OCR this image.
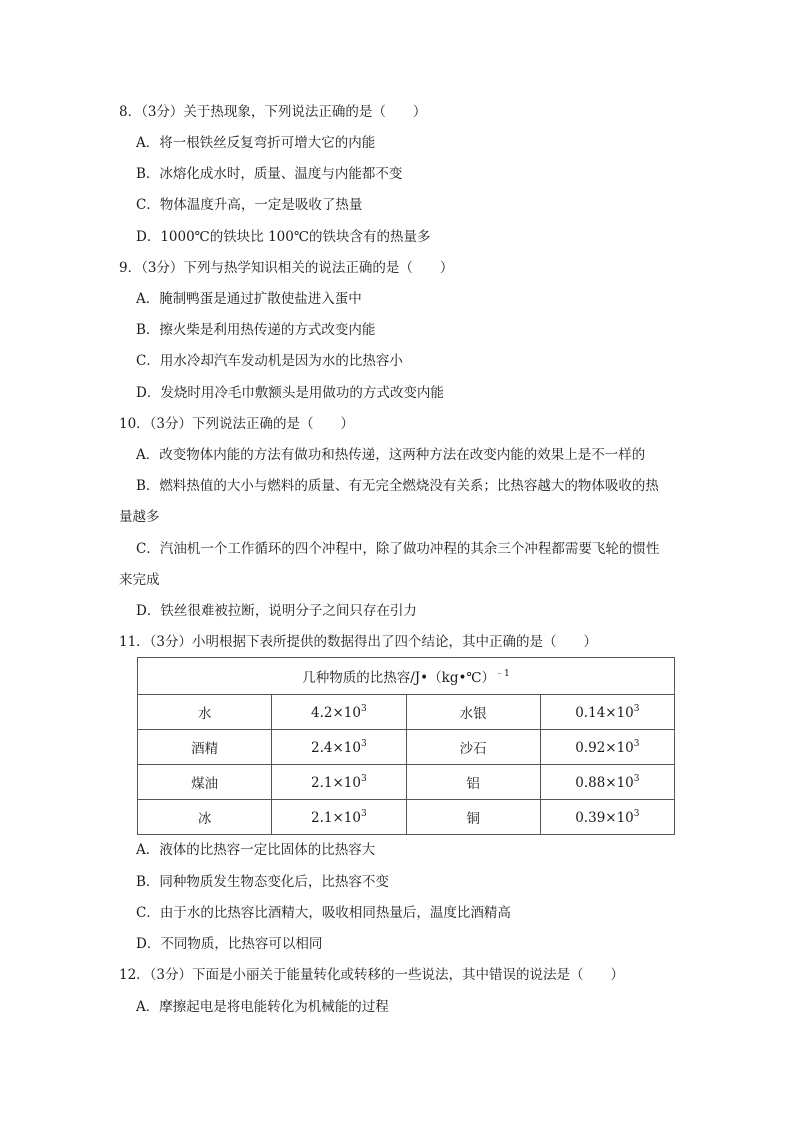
8．（3分）关于热现象，下列说法正确的是（　　）
A．将一根铁丝反复弯折可增大它的内能
B．冰熔化成水时，质量、温度与内能都不变
C．物体温度升高，一定是吸收了热量
D．1000℃的铁块比 100℃的铁块含有的热量多
9．（3分）下列与热学知识相关的说法正确的是（　　）
A．腌制鸭蛋是通过扩散使盐进入蛋中
B．擦火柴是利用热传递的方式改变内能
C．用水冷却汽车发动机是因为水的比热容小
D．发烧时用冷毛巾敷额头是用做功的方式改变内能
10．（3分）下列说法正确的是（　　）
A．改变物体内能的方法有做功和热传递，这两种方法在改变内能的效果上是不一样的
B．燃料热值的大小与燃料的质量、有无完全燃烧没有关系；比热容越大的物体吸收的热
量越多
C．汽油机一个工作循环的四个冲程中，除了做功冲程的其余三个冲程都需要飞轮的惯性
来完成
D．铁丝很难被拉断，说明分子之间只存在引力
11．（3分）小明根据下表所提供的数据得出了四个结论，其中正确的是（　　）
几种物质的比热容/J•（kg•℃）$^{﹣1}$
水	$4.2\times 10^3$	水银	$0.14\times 10^3$
酒精	$2.4\times 10^3$	沙石	$0.92\times 10^3$
煤油	$2.1\times 10^3$	铝	$0.88\times 10^3$
冰	$2.1\times 10^3$	铜	$0.39\times 10^3$
A．液体的比热容一定比固体的比热容大
B．同种物质发生物态变化后，比热容不变
C．由于水的比热容比酒精大，吸收相同热量后，温度比酒精高
D．不同物质，比热容可以相同
12．（3分）下面是小丽关于能量转化或转移的一些说法，其中错误的说法是（　　）
A．摩擦起电是将电能转化为机械能的过程
